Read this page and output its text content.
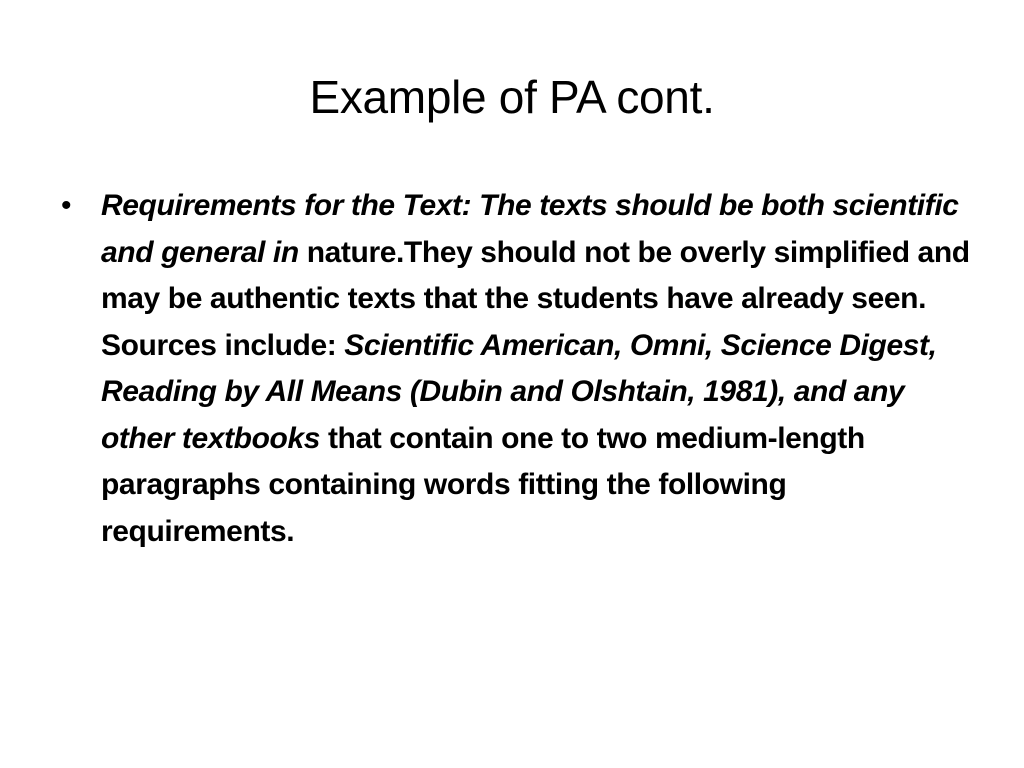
Example of PA cont.
• Requirements for the Text: The texts should be both scientific and general in nature.They should not be overly simplified and may be authentic texts that the students have already seen. Sources include: Scientific American, Omni, Science Digest, Reading by All Means (Dubin and Olshtain, 1981), and any other textbooks that contain one to two medium-length paragraphs containing words fitting the following requirements.
